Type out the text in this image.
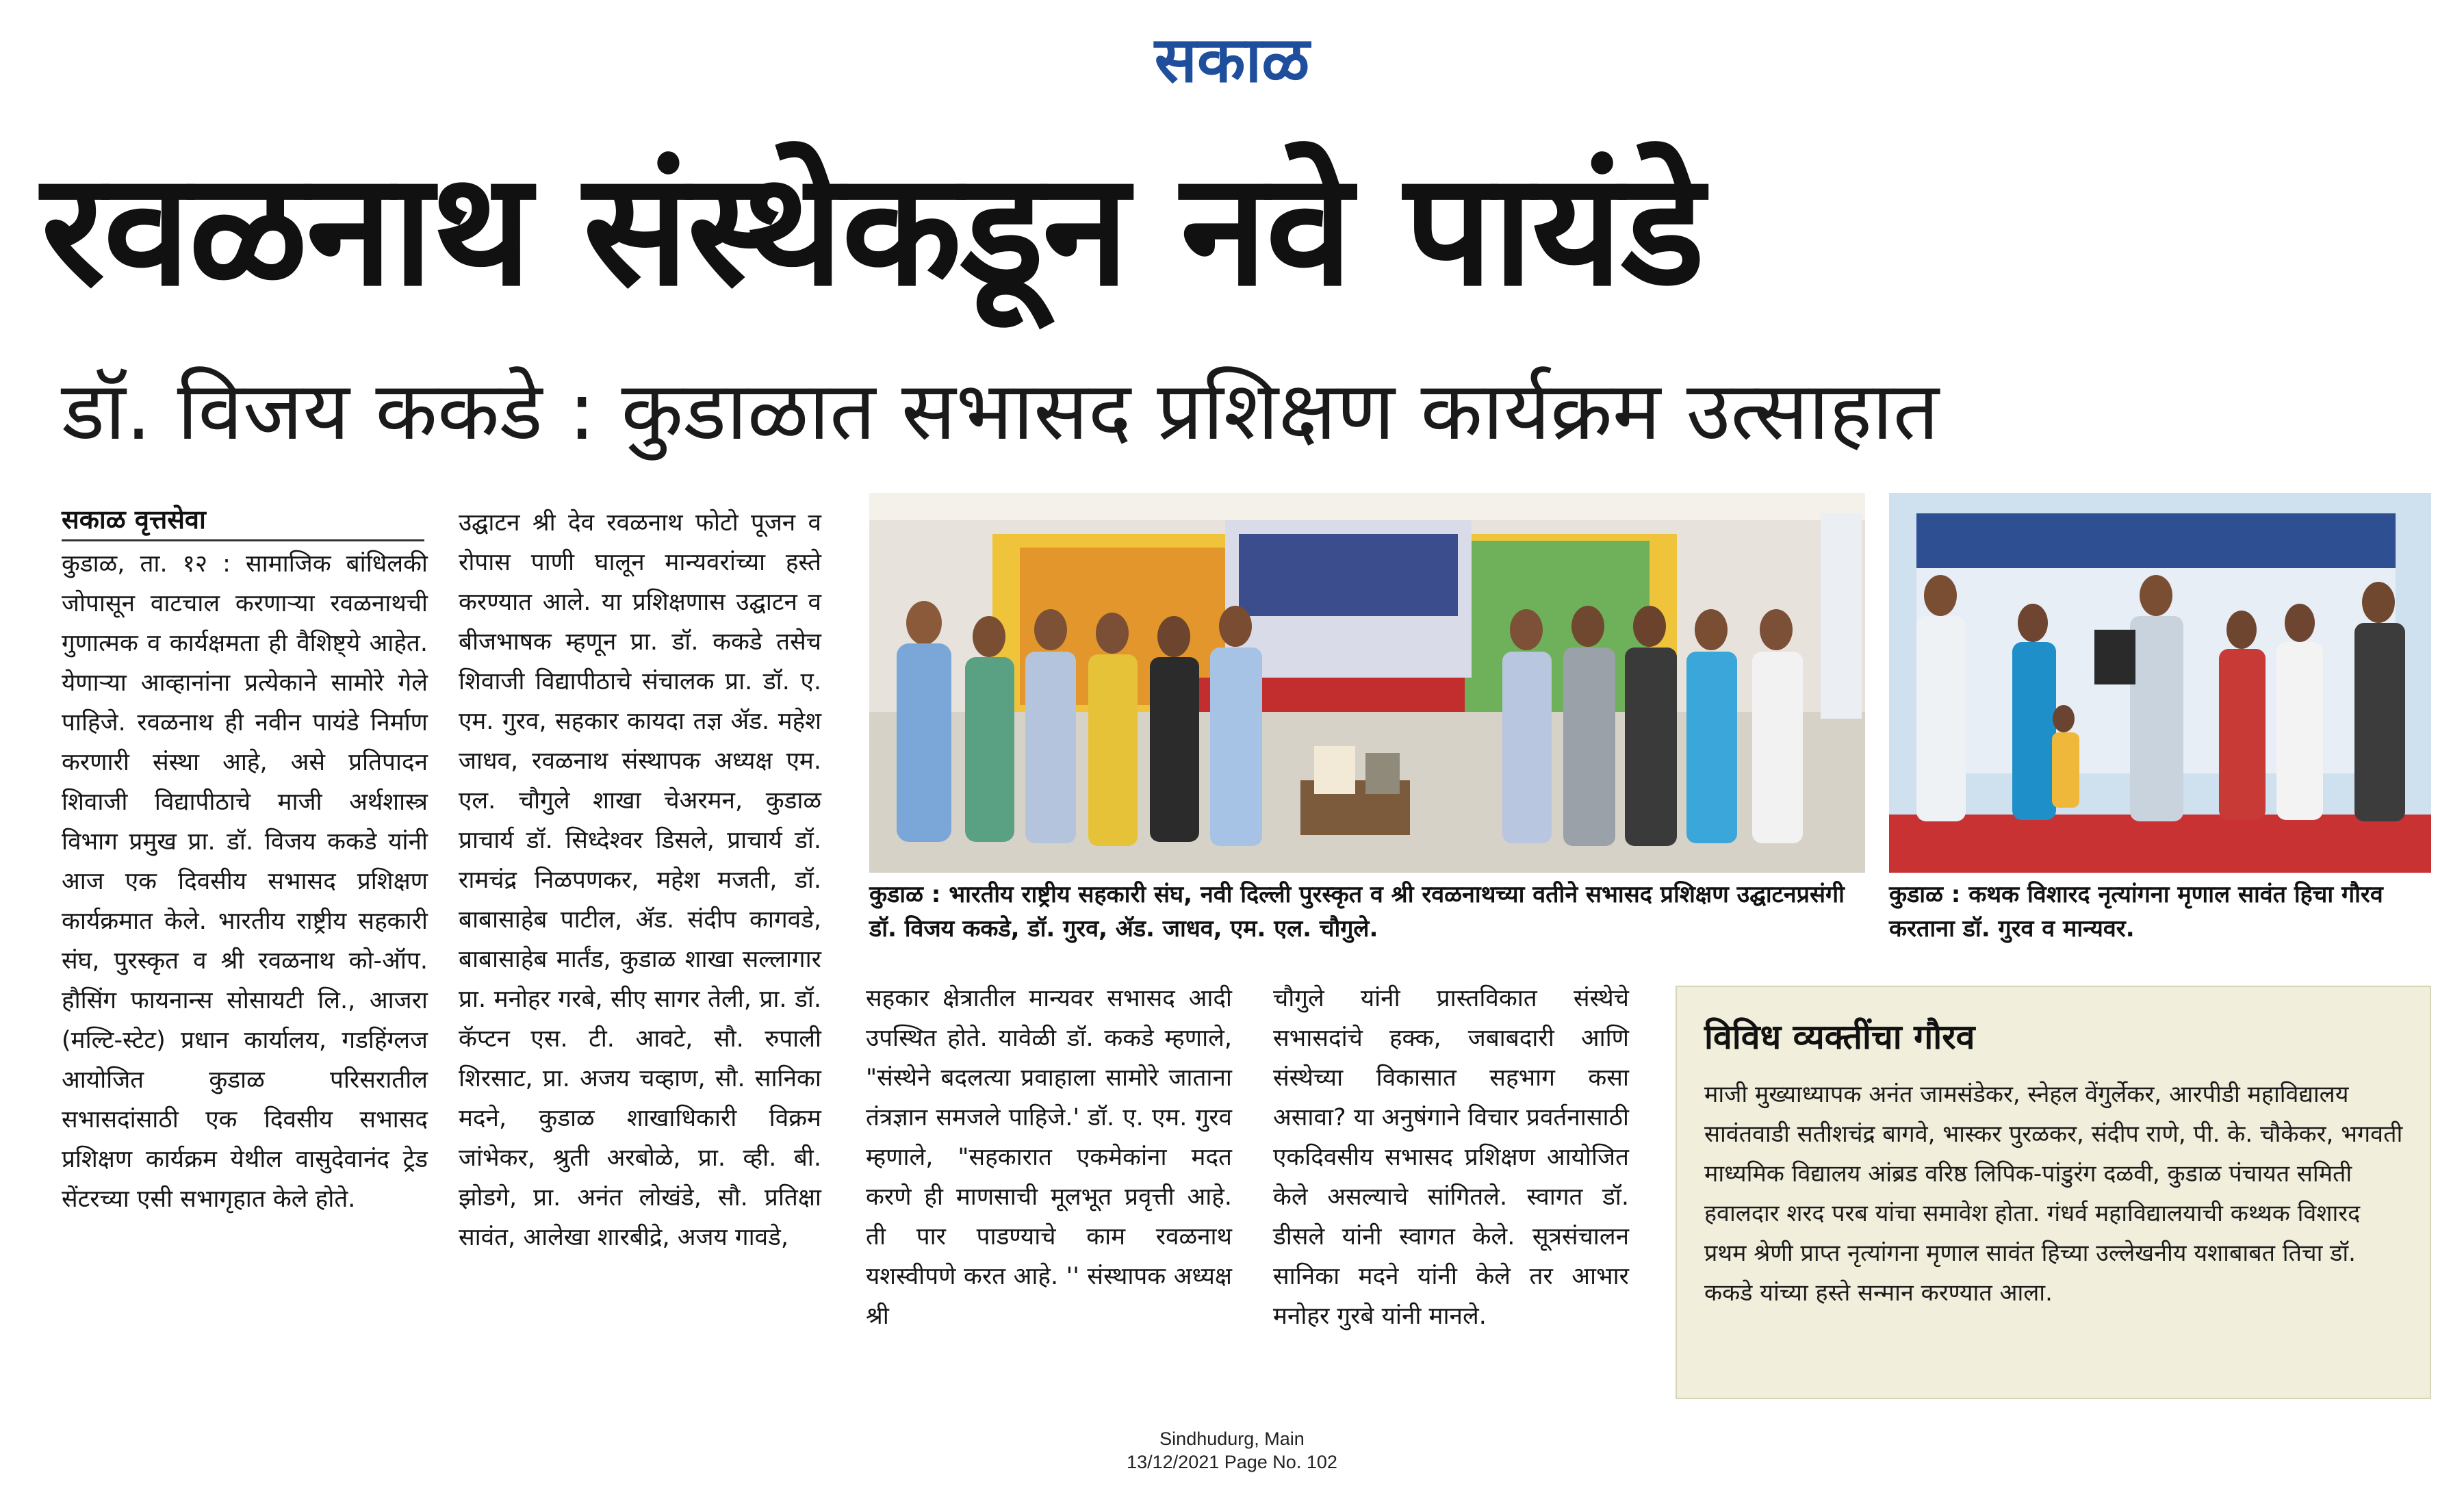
सकाळ
रवळनाथ संस्थेकडून नवे पायंडे
डॉ. विजय ककडे : कुडाळात सभासद प्रशिक्षण कार्यक्रम उत्साहात
सकाळ वृत्तसेवा
कुडाळ, ता. १२ : सामाजिक बांधिलकी जोपासून वाटचाल करणाऱ्या रवळनाथची गुणात्मक व कार्यक्षमता ही वैशिष्ट्ये आहेत. येणाऱ्या आव्हानांना प्रत्येकाने सामोरे गेले पाहिजे. रवळनाथ ही नवीन पायंडे निर्माण करणारी संस्था आहे, असे प्रतिपादन शिवाजी विद्यापीठाचे माजी अर्थशास्त्र विभाग प्रमुख प्रा. डॉ. विजय ककडे यांनी आज एक दिवसीय सभासद प्रशिक्षण कार्यक्रमात केले. भारतीय राष्ट्रीय सहकारी संघ, पुरस्कृत व श्री रवळनाथ को-ऑप. हौसिंग फायनान्स सोसायटी लि., आजरा (मल्टि-स्टेट) प्रधान कार्यालय, गडहिंग्लज आयोजित कुडाळ परिसरातील सभासदांसाठी एक दिवसीय सभासद प्रशिक्षण कार्यक्रम येथील वासुदेवानंद ट्रेड सेंटरच्या एसी सभागृहात केले होते.
उद्घाटन श्री देव रवळनाथ फोटो पूजन व रोपास पाणी घालून मान्यवरांच्या हस्ते करण्यात आले. या प्रशिक्षणास उद्घाटन व बीजभाषक म्हणून प्रा. डॉ. ककडे तसेच शिवाजी विद्यापीठाचे संचालक प्रा. डॉ. ए. एम. गुरव, सहकार कायदा तज्ञ ॲड. महेश जाधव, रवळनाथ संस्थापक अध्यक्ष एम. एल. चौगुले शाखा चेअरमन, कुडाळ प्राचार्य डॉ. सिध्देश्वर डिसले, प्राचार्य डॉ. रामचंद्र निळपणकर, महेश मजती, डॉ. बाबासाहेब पाटील, ॲड. संदीप कागवडे, बाबासाहेब मार्तंड, कुडाळ शाखा सल्लागार प्रा. मनोहर गरबे, सीए सागर तेली, प्रा. डॉ. कॅप्टन एस. टी. आवटे, सौ. रुपाली शिरसाट, प्रा. अजय चव्हाण, सौ. सानिका मदने, कुडाळ शाखाधिकारी विक्रम जांभेकर, श्रुती अरबोळे, प्रा. व्ही. बी. झोडगे, प्रा. अनंत लोखंडे, सौ. प्रतिक्षा सावंत, आलेखा शारबीद्रे, अजय गावडे,
सहकार क्षेत्रातील मान्यवर सभासद आदी उपस्थित होते. यावेळी डॉ. ककडे म्हणाले, "संस्थेने बदलत्या प्रवाहाला सामोरे जाताना तंत्रज्ञान समजले पाहिजे.' डॉ. ए. एम. गुरव म्हणाले, "सहकारात एकमेकांना मदत करणे ही माणसाची मूलभूत प्रवृत्ती आहे. ती पार पाडण्याचे काम रवळनाथ यशस्वीपणे करत आहे. '' संस्थापक अध्यक्ष श्री
चौगुले यांनी प्रास्तविकात संस्थेचे सभासदांचे हक्क, जबाबदारी आणि संस्थेच्या विकासात सहभाग कसा असावा? या अनुषंगाने विचार प्रवर्तनासाठी एकदिवसीय सभासद प्रशिक्षण आयोजित केले असल्याचे सांगितले. स्वागत डॉ. डीसले यांनी स्वागत केले. सूत्रसंचालन सानिका मदने यांनी केले तर आभार मनोहर गुरबे यांनी मानले.
कुडाळ : भारतीय राष्ट्रीय सहकारी संघ, नवी दिल्ली पुरस्कृत व श्री रवळनाथच्या वतीने सभासद प्रशिक्षण उद्घाटनप्रसंगी डॉ. विजय ककडे, डॉ. गुरव, ॲड. जाधव, एम. एल. चौगुले.
कुडाळ : कथक विशारद नृत्यांगना मृणाल सावंत हिचा गौरव करताना डॉ. गुरव व मान्यवर.
विविध व्यक्तींचा गौरव
माजी मुख्याध्यापक अनंत जामसंडेकर, स्नेहल वेंगुर्लेकर, आरपीडी महाविद्यालय सावंतवाडी सतीशचंद्र बागवे, भास्कर पुरळकर, संदीप राणे, पी. के. चौकेकर, भगवती माध्यमिक विद्यालय आंब्रड वरिष्ठ लिपिक-पांडुरंग दळवी, कुडाळ पंचायत समिती हवालदार शरद परब यांचा समावेश होता. गंधर्व महाविद्यालयाची कथ्थक विशारद प्रथम श्रेणी प्राप्त नृत्यांगना मृणाल सावंत हिच्या उल्लेखनीय यशाबाबत तिचा डॉ. ककडे यांच्या हस्ते सन्मान करण्यात आला.
Sindhudurg, Main
13/12/2021 Page No. 102
